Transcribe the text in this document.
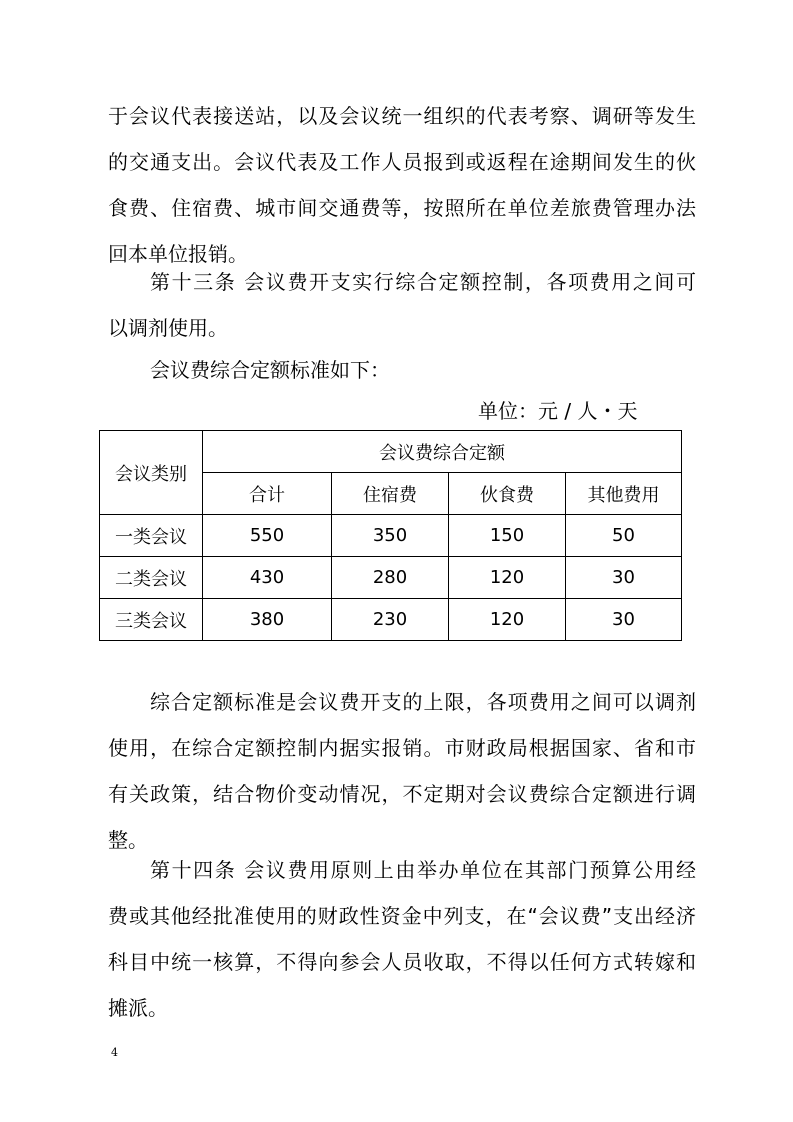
于会议代表接送站，以及会议统一组织的代表考察、调研等发生
的交通支出。会议代表及工作人员报到或返程在途期间发生的伙
食费、住宿费、城市间交通费等，按照所在单位差旅费管理办法
回本单位报销。
第十三条 会议费开支实行综合定额控制，各项费用之间可
以调剂使用。
会议费综合定额标准如下：
单位：元 / 人・天
会议类别	会议费综合定额			
	合计	住宿费	伙食费	其他费用
一类会议	550	350	150	50
二类会议	430	280	120	30
三类会议	380	230	120	30
综合定额标准是会议费开支的上限，各项费用之间可以调剂
使用，在综合定额控制内据实报销。市财政局根据国家、省和市
有关政策，结合物价变动情况，不定期对会议费综合定额进行调
整。
第十四条 会议费用原则上由举办单位在其部门预算公用经
费或其他经批准使用的财政性资金中列支，在“会议费”支出经济
科目中统一核算，不得向参会人员收取，不得以任何方式转嫁和
摊派。
4
